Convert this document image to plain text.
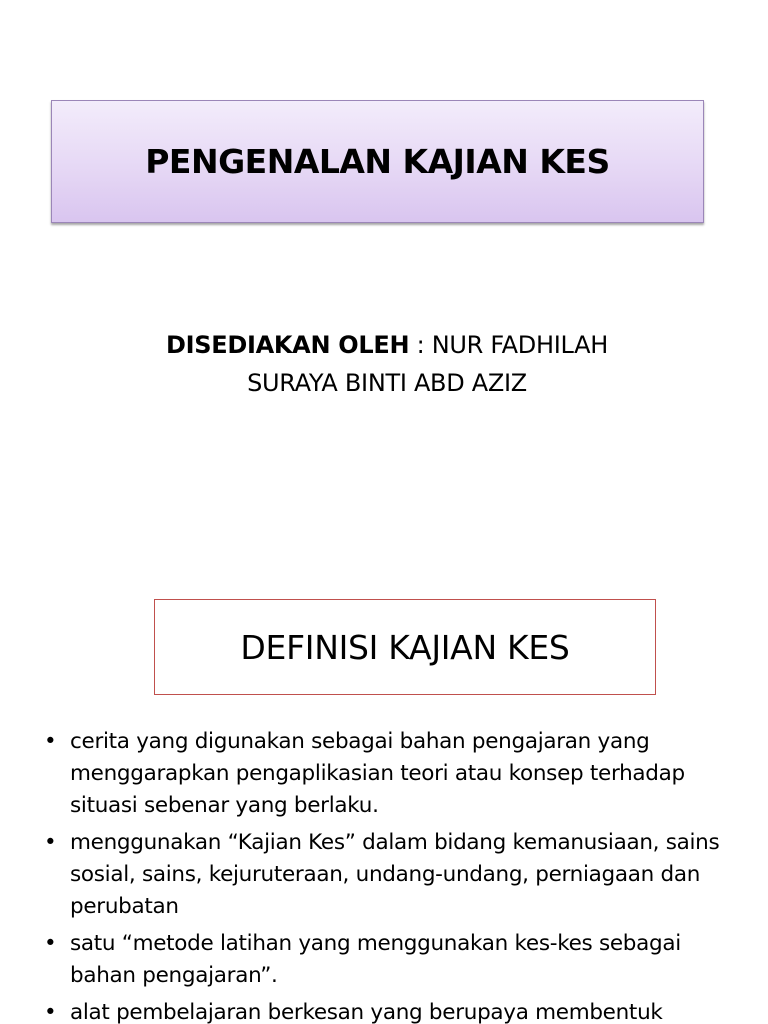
PENGENALAN KAJIAN KES
DISEDIAKAN OLEH : NUR FADHILAH
SURAYA BINTI ABD AZIZ
DEFINISI KAJIAN KES
• cerita yang digunakan sebagai bahan pengajaran yang menggarapkan pengaplikasian teori atau konsep terhadap situasi sebenar yang berlaku.
• menggunakan “Kajian Kes” dalam bidang kemanusiaan, sains sosial, sains, kejuruteraan, undang-undang, perniagaan dan perubatan
• satu “metode latihan yang menggunakan kes-kes sebagai bahan pengajaran”.
• alat pembelajaran berkesan yang berupaya membentuk
